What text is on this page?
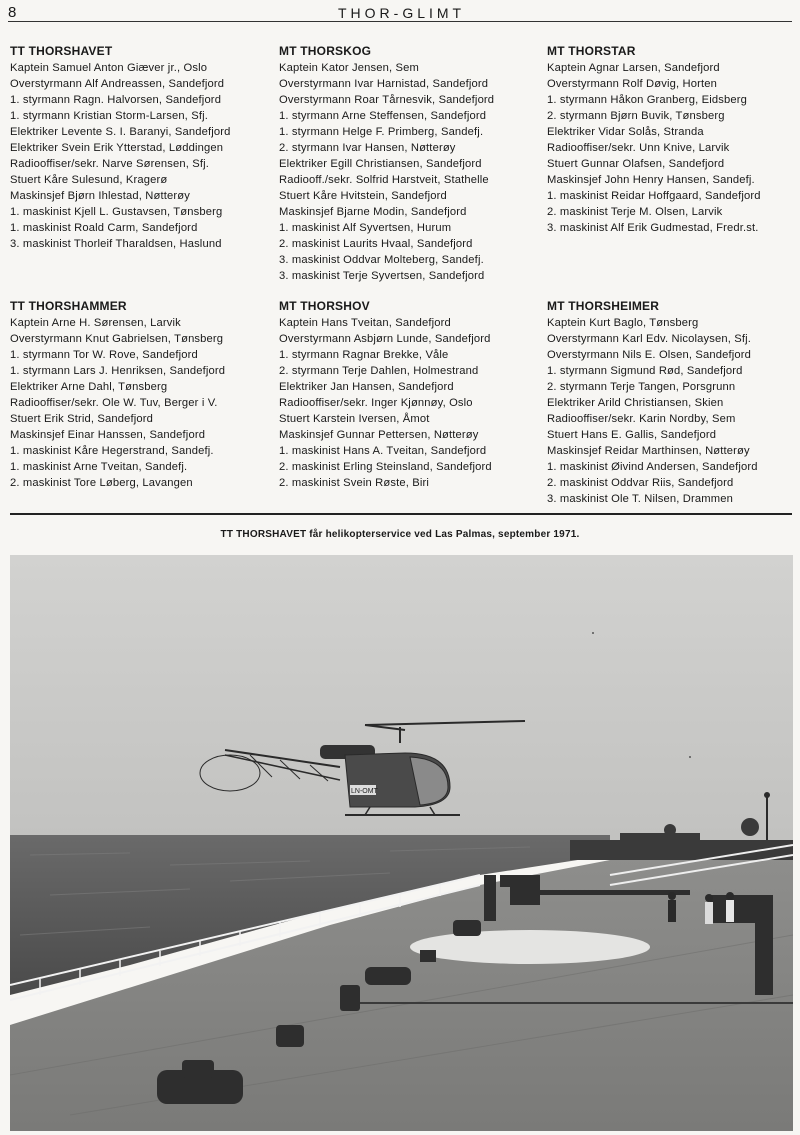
8	THOR-GLIMT
TT THORSHAVET
Kaptein Samuel Anton Giæver jr., Oslo
Overstyrmann Alf Andreassen, Sandefjord
1. styrmann Ragn. Halvorsen, Sandefjord
1. styrmann Kristian Storm-Larsen, Sfj.
Elektriker Levente S. I. Baranyi, Sandefjord
Elektriker Svein Erik Ytterstad, Løddingen
Radiooffiser/sekr. Narve Sørensen, Sfj.
Stuert Kåre Sulesund, Kragerø
Maskinsjef Bjørn Ihlestad, Nøtterøy
1. maskinist Kjell L. Gustavsen, Tønsberg
1. maskinist Roald Carm, Sandefjord
3. maskinist Thorleif Tharaldsen, Haslund
MT THORSKOG
Kaptein Kator Jensen, Sem
Overstyrmann Ivar Harnistad, Sandefjord
Overstyrmann Roar Tårnesvik, Sandefjord
1. styrmann Arne Steffensen, Sandefjord
1. styrmann Helge F. Primberg, Sandefj.
2. styrmann Ivar Hansen, Nøtterøy
Elektriker Egill Christiansen, Sandefjord
Radiooff./sekr. Solfrid Harstveit, Stathelle
Stuert Kåre Hvitstein, Sandefjord
Maskinsjef Bjarne Modin, Sandefjord
1. maskinist Alf Syvertsen, Hurum
2. maskinist Laurits Hvaal, Sandefjord
3. maskinist Oddvar Molteberg, Sandefj.
3. maskinist Terje Syvertsen, Sandefjord
MT THORSTAR
Kaptein Agnar Larsen, Sandefjord
Overstyrmann Rolf Døvig, Horten
1. styrmann Håkon Granberg, Eidsberg
2. styrmann Bjørn Buvik, Tønsberg
Elektriker Vidar Solås, Stranda
Radiooffiser/sekr. Unn Knive, Larvik
Stuert Gunnar Olafsen, Sandefjord
Maskinsjef John Henry Hansen, Sandefj.
1. maskinist Reidar Hoffgaard, Sandefjord
2. maskinist Terje M. Olsen, Larvik
3. maskinist Alf Erik Gudmestad, Fredr.st.
TT THORSHAMMER
Kaptein Arne H. Sørensen, Larvik
Overstyrmann Knut Gabrielsen, Tønsberg
1. styrmann Tor W. Rove, Sandefjord
1. styrmann Lars J. Henriksen, Sandefjord
Elektriker Arne Dahl, Tønsberg
Radiooffiser/sekr. Ole W. Tuv, Berger i V.
Stuert Erik Strid, Sandefjord
Maskinsjef Einar Hanssen, Sandefjord
1. maskinist Kåre Hegerstrand, Sandefj.
1. maskinist Arne Tveitan, Sandefj.
2. maskinist Tore Løberg, Lavangen
MT THORSHOV
Kaptein Hans Tveitan, Sandefjord
Overstyrmann Asbjørn Lunde, Sandefjord
1. styrmann Ragnar Brekke, Våle
2. styrmann Terje Dahlen, Holmestrand
Elektriker Jan Hansen, Sandefjord
Radiooffiser/sekr. Inger Kjønnøy, Oslo
Stuert Karstein Iversen, Åmot
Maskinsjef Gunnar Pettersen, Nøtterøy
1. maskinist Hans A. Tveitan, Sandefjord
2. maskinist Erling Steinsland, Sandefjord
2. maskinist Svein Røste, Biri
MT THORSHEIMER
Kaptein Kurt Baglo, Tønsberg
Overstyrmann Karl Edv. Nicolaysen, Sfj.
Overstyrmann Nils E. Olsen, Sandefjord
1. styrmann Sigmund Rød, Sandefjord
2. styrmann Terje Tangen, Porsgrunn
Elektriker Arild Christiansen, Skien
Radiooffiser/sekr. Karin Nordby, Sem
Stuert Hans E. Gallis, Sandefjord
Maskinsjef Reidar Marthinsen, Nøtterøy
1. maskinist Øivind Andersen, Sandefjord
2. maskinist Oddvar Riis, Sandefjord
3. maskinist Ole T. Nilsen, Drammen
TT THORSHAVET får helikopterservice ved Las Palmas, september 1971.
LN-OMT
